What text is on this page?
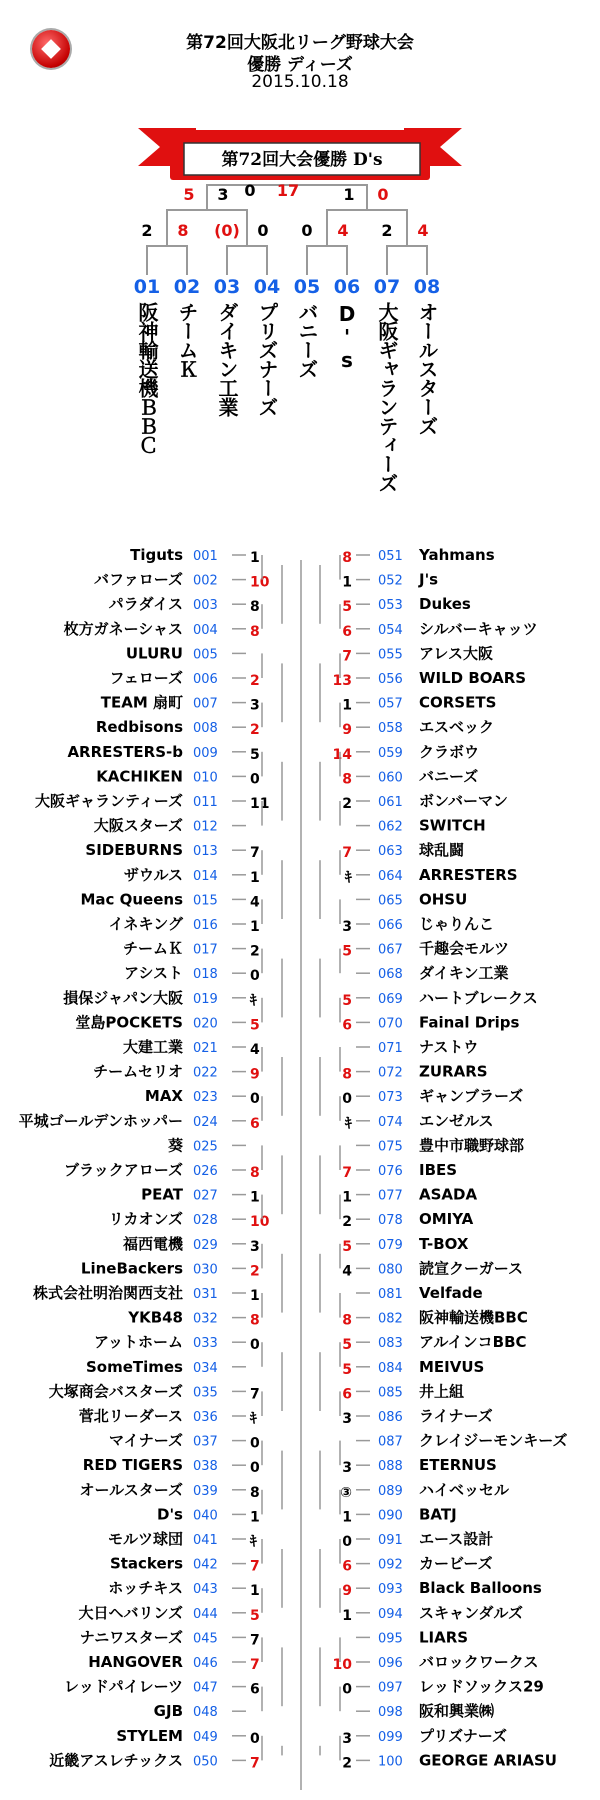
第72回大阪北リーグ野球大会
優勝 ディーズ
2015.10.18
第72回大会優勝 D's
2 8 (0) 0 0 4 2 4
5 3	1 0
0 17
01
阪神輸送機ＢＢＣ
02
チームＫ
03
ダイキン工業
04
プリズナーズ
05
バニーズ
06
D's
07
大阪ギャランティーズ
08
オールスターズ
Tiguts 001 1
バファローズ 002 10
パラダイス 003 8
枚方ガネーシャス 004 8
ULURU 005
フェローズ 006 2
TEAM 扇町 007 3
Redbisons 008 2
ARRESTERS-b 009 5
KACHIKEN 010 0
大阪ギャランティーズ 011 11
大阪スターズ 012
SIDEBURNS 013 7
ザウルス 014 1
Mac Queens 015 4
イネキング 016 1
チームＫ 017 2
アシスト 018 0
損保ジャパン大阪 019 ｷ
堂島POCKETS 020 5
大建工業 021 4
チームセリオ 022 9
MAX 023 0
平城ゴールデンホッパー 024 6
葵 025
ブラックアローズ 026 8
PEAT 027 1
リカオンズ 028 10
福西電機 029 3
LineBackers 030 2
株式会社明治関西支社 031 1
YKB48 032 8
アットホーム 033 0
SomeTimes 034
大塚商会バスターズ 035 7
菅北リーダース 036 ｷ
マイナーズ 037 0
RED TIGERS 038 0
オールスターズ 039 8
D's 040 1
モルツ球団 041 ｷ
Stackers 042 7
ホッチキス 043 1
大日ヘバリンズ 044 5
ナニワスターズ 045 7
HANGOVER 046 7
レッドパイレーツ 047 6
GJB 048
STYLEM 049 0
近畿アスレチックス 050 7
Yahmans
051
8
J's
052
1
Dukes
053
5
シルバーキャッツ
054
6
アレス大阪
055
7
WILD BOARS
056
13
CORSETS
057
1
エスベック
058
9
クラボウ
059
14
バニーズ
060
8
ボンバーマン
061
2
SWITCH
062
球乱闘
063
7
ARRESTERS
064
ｷ
OHSU
065
じゃりんこ
066
3
千趣会モルツ
067
5
ダイキン工業
068
ハートブレークス
069
5
Fainal Drips
070
6
ナストウ
071
ZURARS
072
8
ギャンブラーズ
073
0
エンゼルス
074
ｷ
豊中市職野球部
075
IBES
076
7
ASADA
077
1
OMIYA
078
2
T-BOX
079
5
読宣クーガース
080
4
Velfade
081
阪神輸送機BBC
082
8
アルインコBBC
083
5
MEIVUS
084
5
井上組
085
6
ライナーズ
086
3
クレイジーモンキーズ
087
ETERNUS
088
3
ハイベッセル
089
③
BATJ
090
1
エース設計
091
0
カービーズ
092
6
Black Balloons
093
9
スキャンダルズ
094
1
LIARS
095
バロックワークス
096
10
レッドソックス29
097
0
阪和興業㈱
098
プリズナーズ
099
3
GEORGE ARIASU
100
2
